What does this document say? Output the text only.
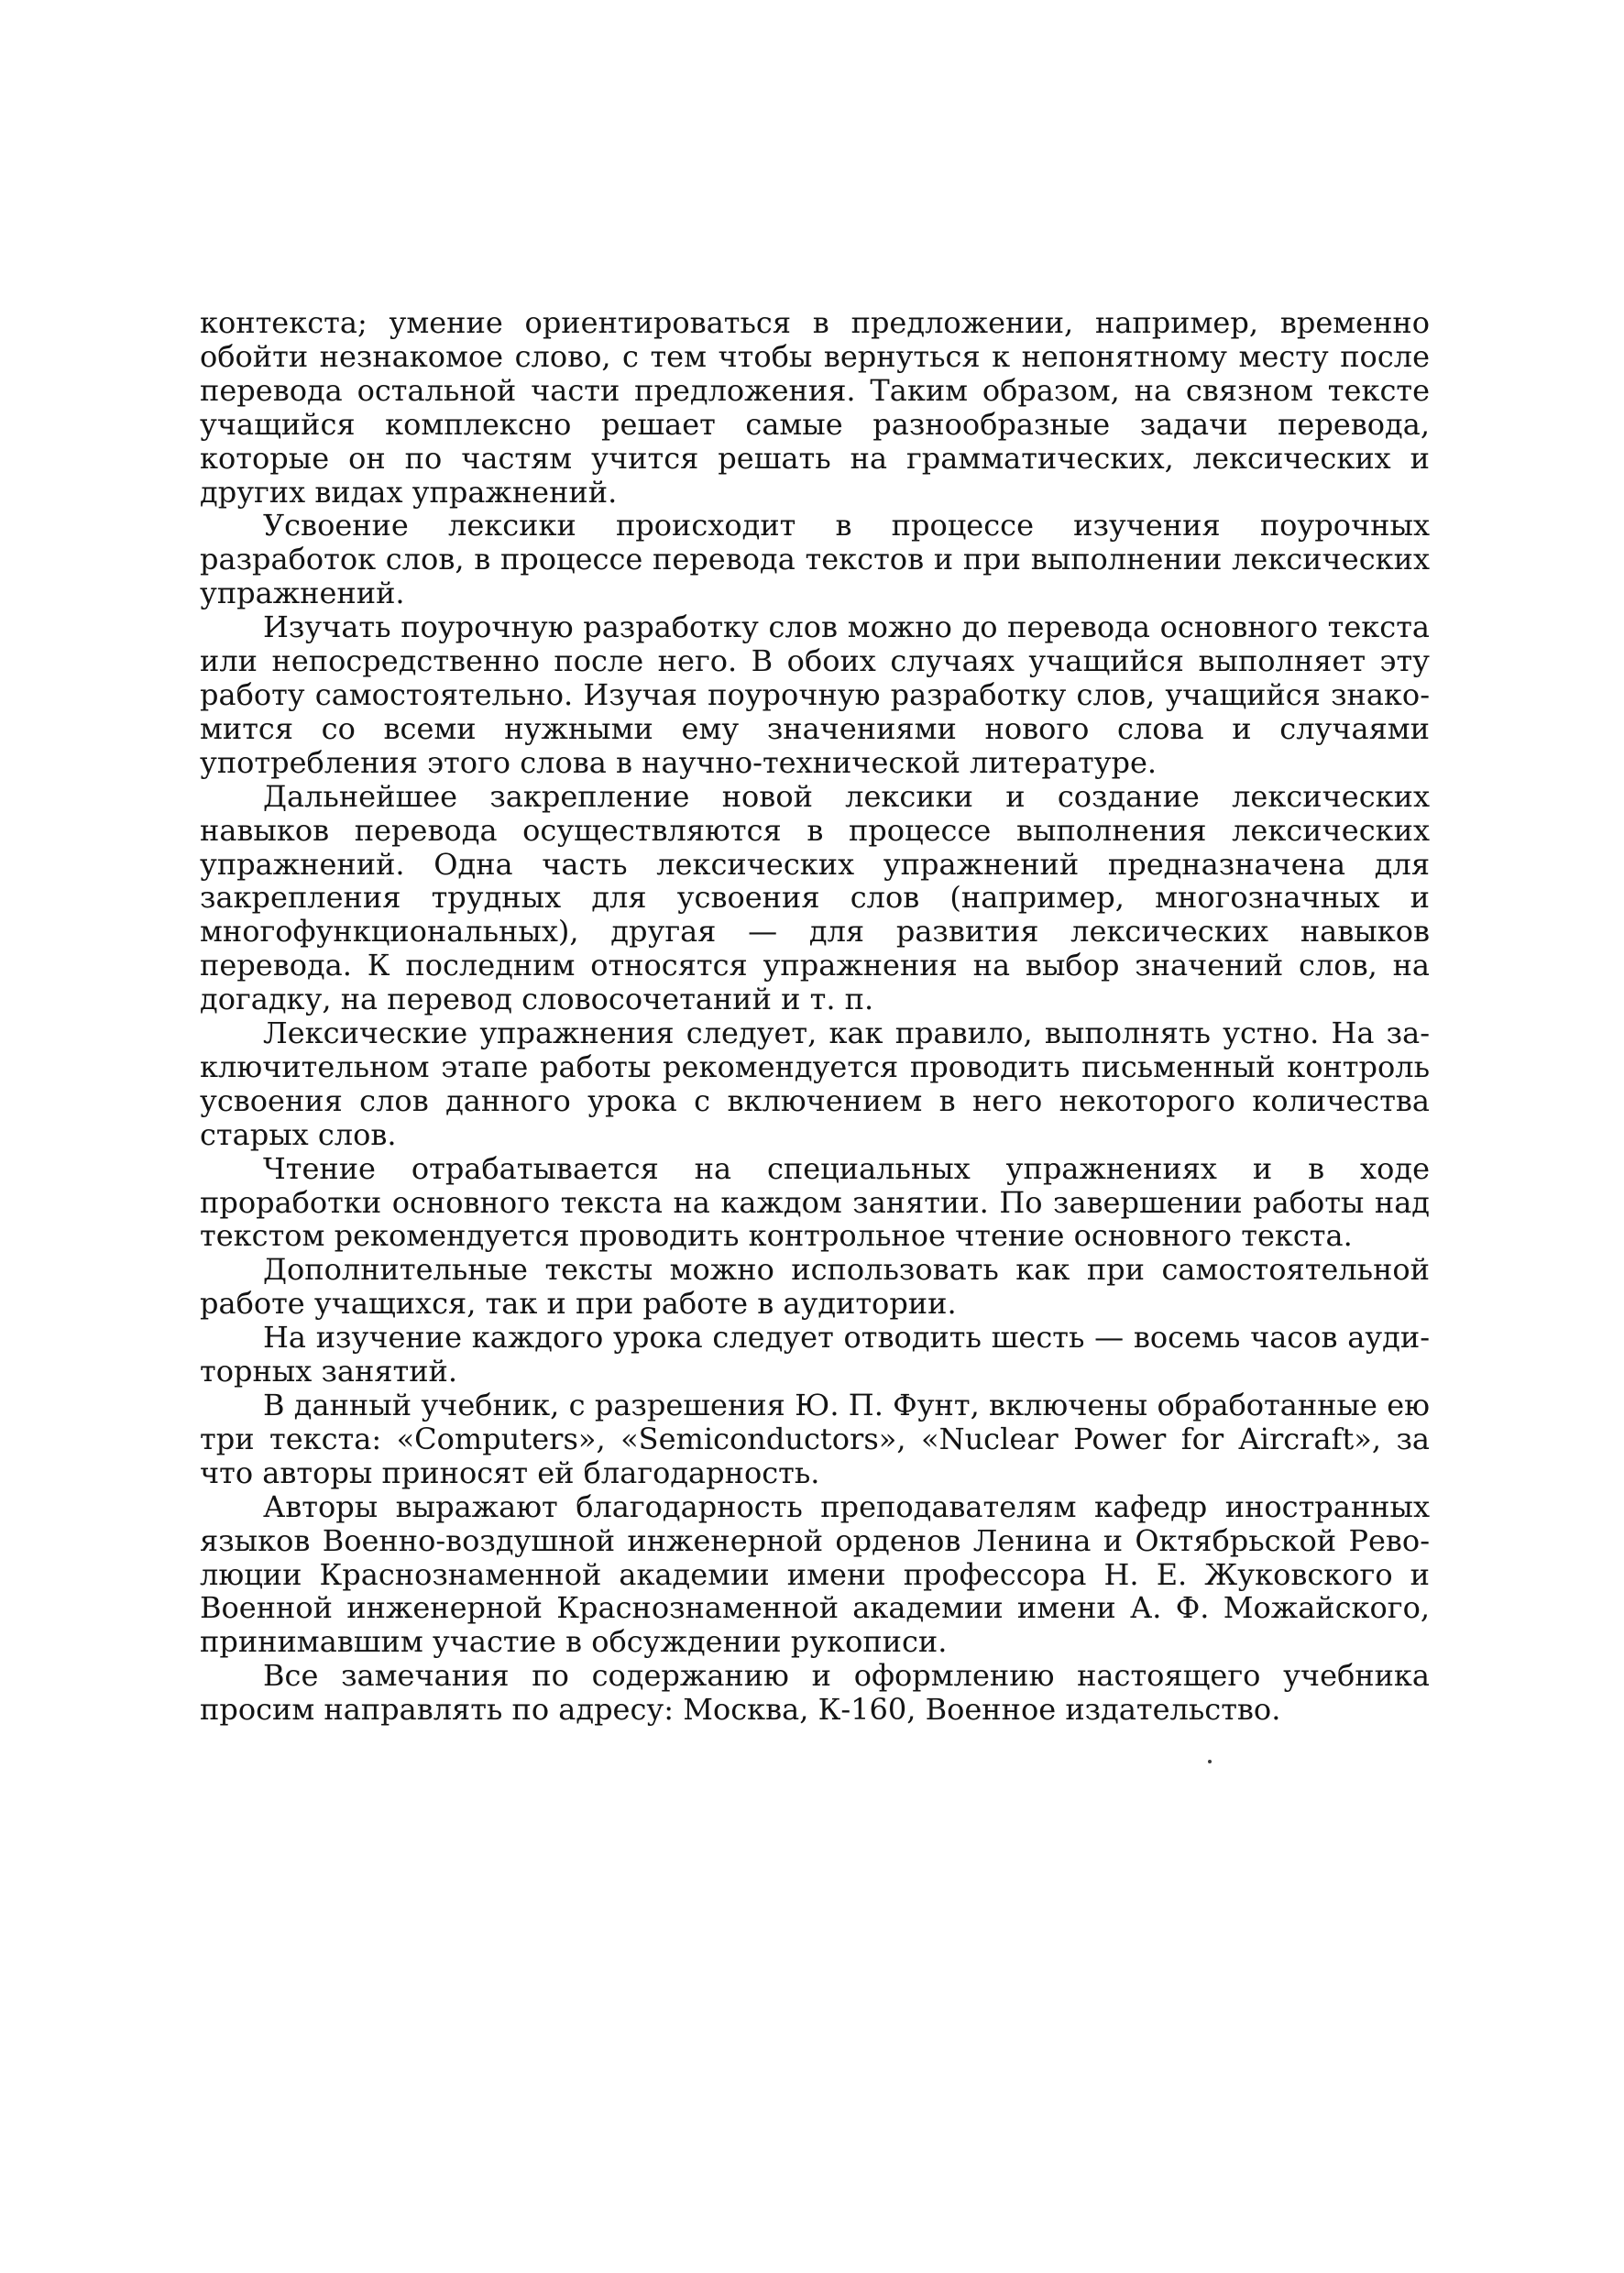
контекста; умение ориентироваться в предложении, например, временно обойти незнакомое слово, с тем чтобы вернуться к непонятному месту после перевода остальной части предложения. Таким образом, на связном тексте учащийся комплексно решает самые разнообразные задачи перевода, которые он по частям учится решать на грамматических, лексических и других видах упражнений.

Усвоение лексики происходит в процессе изучения поурочных разработок слов, в процессе перевода текстов и при выполнении лексических упражнений.

Изучать поурочную разработку слов можно до перевода основного текста или непосредственно после него. В обоих случаях учащийся выполняет эту работу самостоятельно. Изучая поурочную разработку слов, учащийся знакомится со всеми нужными ему значениями нового слова и случаями употребления этого слова в научно-технической литературе.

Дальнейшее закрепление новой лексики и создание лексических навыков перевода осуществляются в процессе выполнения лексических упражнений. Одна часть лексических упражнений предназначена для закрепления трудных для усвоения слов (например, многозначных и многофункциональных), другая — для развития лексических навыков перевода. К последним относятся упражнения на выбор значений слов, на догадку, на перевод словосочетаний и т. п.

Лексические упражнения следует, как правило, выполнять устно. На заключительном этапе работы рекомендуется проводить письменный контроль усвоения слов данного урока с включением в него некоторого количества старых слов.

Чтение отрабатывается на специальных упражнениях и в ходе проработки основного текста на каждом занятии. По завершении работы над текстом рекомендуется проводить контрольное чтение основного текста.

Дополнительные тексты можно использовать как при самостоятельной работе учащихся, так и при работе в аудитории.

На изучение каждого урока следует отводить шесть — восемь часов аудиторных занятий.

В данный учебник, с разрешения Ю. П. Фунт, включены обработанные ею три текста: «Computers», «Semiconductors», «Nuclear Power for Aircraft», за что авторы приносят ей благодарность.

Авторы выражают благодарность преподавателям кафедр иностранных языков Военно-воздушной инженерной орденов Ленина и Октябрьской Революции Краснознаменной академии имени профессора Н. Е. Жуковского и Военной инженерной Краснознаменной академии имени А. Ф. Можайского, принимавшим участие в обсуждении рукописи.

Все замечания по содержанию и оформлению настоящего учебника просим направлять по адресу: Москва, К-160, Военное издательство.
